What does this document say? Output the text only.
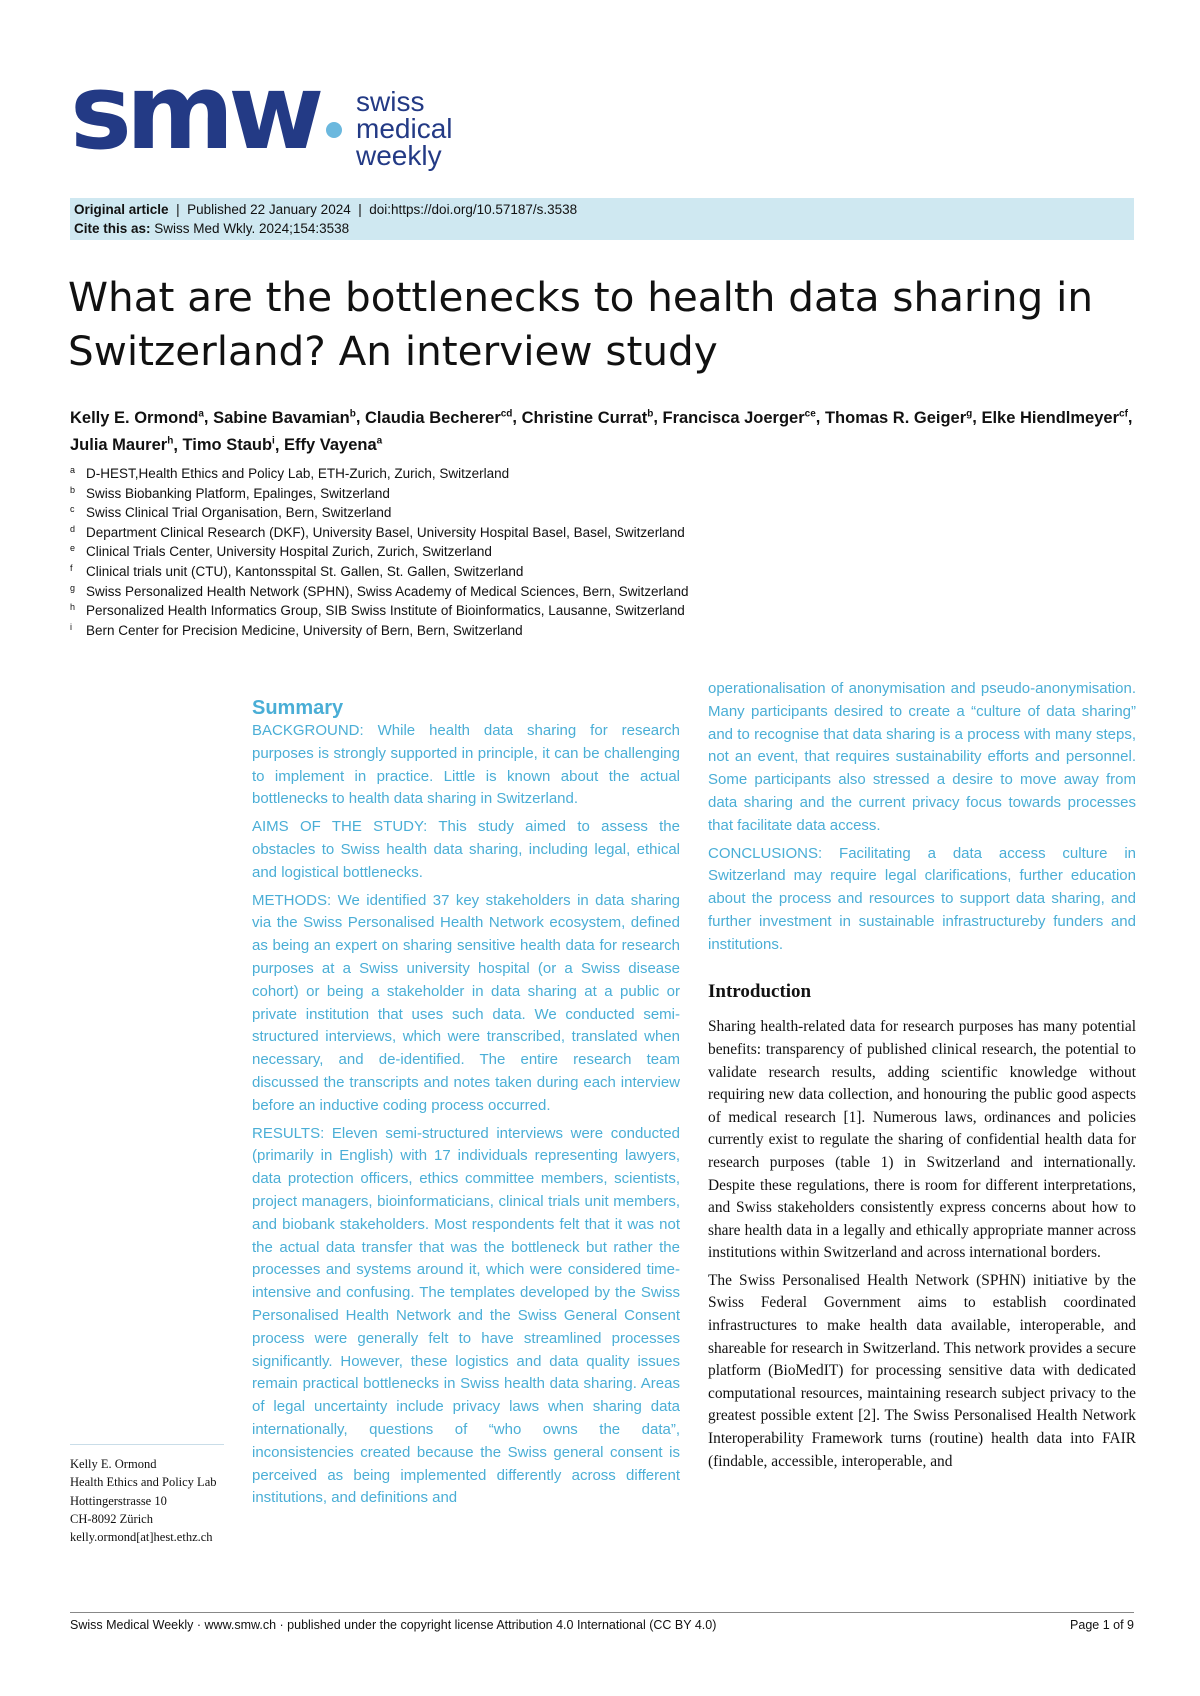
smw swiss
medical
weekly
Original article  |  Published 22 January 2024  |  doi:https://doi.org/10.57187/s.3538
Cite this as: Swiss Med Wkly. 2024;154:3538
What are the bottlenecks to health data sharing in Switzerland? An interview study
Kelly E. Ormond$^a$, Sabine Bavamian$^b$, Claudia Becherer$^{cd}$, Christine Currat$^b$, Francisca Joerger$^{ce}$, Thomas R. Geiger$^g$, Elke Hiendlmeyer$^{cf}$, Julia Maurer$^h$, Timo Staub$^i$, Effy Vayena$^a$
a D-HEST,Health Ethics and Policy Lab, ETH-Zurich, Zurich, Switzerland
b Swiss Biobanking Platform, Epalinges, Switzerland
c Swiss Clinical Trial Organisation, Bern, Switzerland
d Department Clinical Research (DKF), University Basel, University Hospital Basel, Basel, Switzerland
e Clinical Trials Center, University Hospital Zurich, Zurich, Switzerland
f Clinical trials unit (CTU), Kantonsspital St. Gallen, St. Gallen, Switzerland
g Swiss Personalized Health Network (SPHN), Swiss Academy of Medical Sciences, Bern, Switzerland
h Personalized Health Informatics Group, SIB Swiss Institute of Bioinformatics, Lausanne, Switzerland
i Bern Center for Precision Medicine, University of Bern, Bern, Switzerland
Summary

BACKGROUND: While health data sharing for research purposes is strongly supported in principle, it can be challenging to implement in practice. Little is known about the actual bottlenecks to health data sharing in Switzerland.

AIMS OF THE STUDY: This study aimed to assess the obstacles to Swiss health data sharing, including legal, ethical and logistical bottlenecks.

METHODS: We identified 37 key stakeholders in data sharing via the Swiss Personalised Health Network ecosystem, defined as being an expert on sharing sensitive health data for research purposes at a Swiss university hospital (or a Swiss disease cohort) or being a stakeholder in data sharing at a public or private institution that uses such data. We conducted semi-structured interviews, which were transcribed, translated when necessary, and de-identified. The entire research team discussed the transcripts and notes taken during each interview before an inductive coding process occurred.

RESULTS: Eleven semi-structured interviews were conducted (primarily in English) with 17 individuals representing lawyers, data protection officers, ethics committee members, scientists, project managers, bioinformaticians, clinical trials unit members, and biobank stakeholders. Most respondents felt that it was not the actual data transfer that was the bottleneck but rather the processes and systems around it, which were considered time-intensive and confusing. The templates developed by the Swiss Personalised Health Network and the Swiss General Consent process were generally felt to have streamlined processes significantly. However, these logistics and data quality issues remain practical bottlenecks in Swiss health data sharing. Areas of legal uncertainty include privacy laws when sharing data internationally, questions of “who owns the data”, inconsistencies created because the Swiss general consent is perceived as being implemented differently across different institutions, and definitions and

operationalisation of anonymisation and pseudo-anonymisation. Many participants desired to create a “culture of data sharing” and to recognise that data sharing is a process with many steps, not an event, that requires sustainability efforts and personnel. Some participants also stressed a desire to move away from data sharing and the current privacy focus towards processes that facilitate data access.

CONCLUSIONS: Facilitating a data access culture in Switzerland may require legal clarifications, further education about the process and resources to support data sharing, and further investment in sustainable infrastructureby funders and institutions.

Introduction

Sharing health-related data for research purposes has many potential benefits: transparency of published clinical research, the potential to validate research results, adding scientific knowledge without requiring new data collection, and honouring the public good aspects of medical research [1]. Numerous laws, ordinances and policies currently exist to regulate the sharing of confidential health data for research purposes (table 1) in Switzerland and internationally. Despite these regulations, there is room for different interpretations, and Swiss stakeholders consistently express concerns about how to share health data in a legally and ethically appropriate manner across institutions within Switzerland and across international borders.

The Swiss Personalised Health Network (SPHN) initiative by the Swiss Federal Government aims to establish coordinated infrastructures to make health data available, interoperable, and shareable for research in Switzerland. This network provides a secure platform (BioMedIT) for processing sensitive data with dedicated computational resources, maintaining research subject privacy to the greatest possible extent [2]. The Swiss Personalised Health Network Interoperability Framework turns (routine) health data into FAIR (findable, accessible, interoperable, and

Kelly E. Ormond
Health Ethics and Policy Lab
Hottingerstrasse 10
CH-8092 Zürich
kelly.ormond[at]hest.ethz.ch
Swiss Medical Weekly · www.smw.ch · published under the copyright license Attribution 4.0 International (CC BY 4.0)	Page 1 of 9
